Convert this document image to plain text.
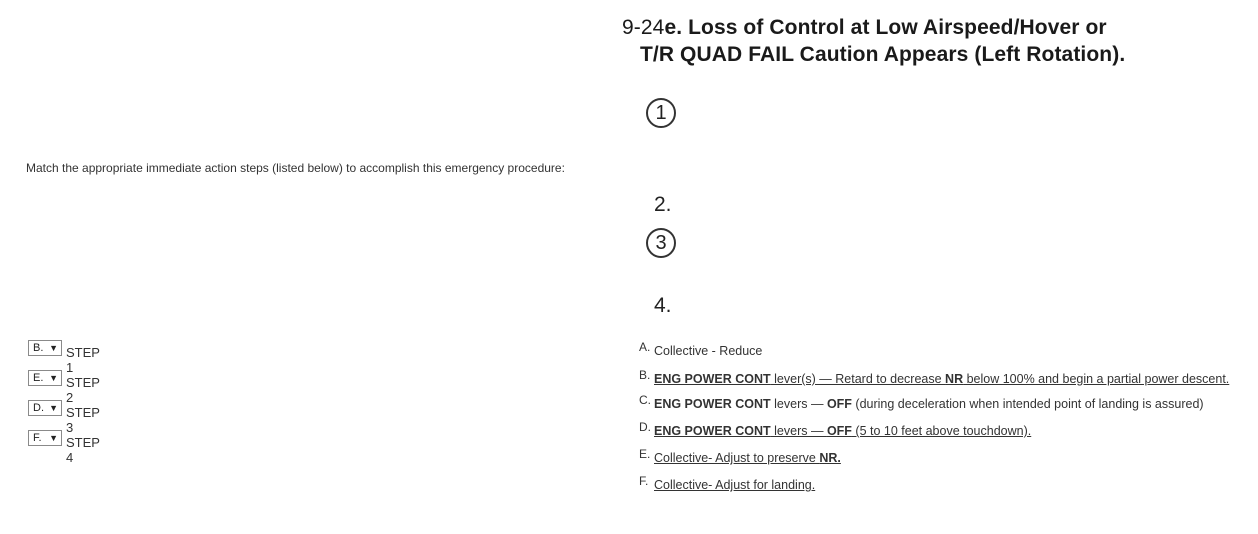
Match the appropriate immediate action steps (listed below) to accomplish this emergency procedure:
9-24e. Loss of Control at Low Airspeed/Hover or
T/R QUAD FAIL Caution Appears (Left Rotation).
1
2.
3
4.
B. ▼ STEP 1
E. ▼ STEP 2
D. ▼ STEP 3
F. ▼ STEP 4
A. Collective - Reduce
B. ENG POWER CONT lever(s) — Retard to decrease NR below 100% and begin a partial power descent.
C. ENG POWER CONT levers — OFF (during deceleration when intended point of landing is assured)
D. ENG POWER CONT levers — OFF (5 to 10 feet above touchdown).
E. Collective- Adjust to preserve NR.
F. Collective- Adjust for landing.
